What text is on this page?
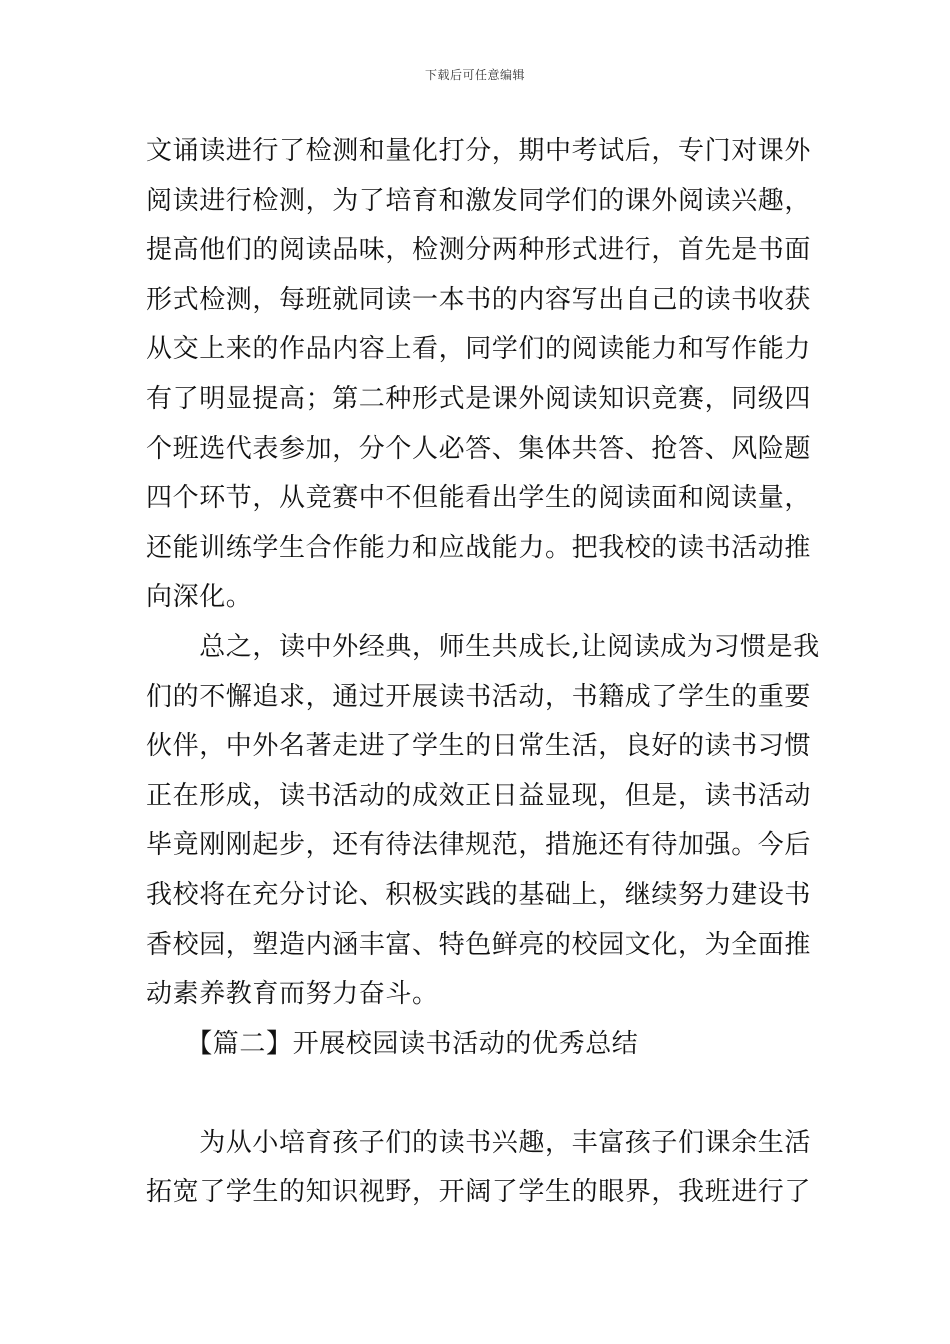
下载后可任意编辑
文诵读进行了检测和量化打分，期中考试后，专门对课外
阅读进行检测，为了培育和激发同学们的课外阅读兴趣，
提高他们的阅读品味，检测分两种形式进行，首先是书面
形式检测，每班就同读一本书的内容写出自己的读书收获
从交上来的作品内容上看，同学们的阅读能力和写作能力
有了明显提高；第二种形式是课外阅读知识竞赛，同级四
个班选代表参加，分个人必答、集体共答、抢答、风险题
四个环节，从竞赛中不但能看出学生的阅读面和阅读量，
还能训练学生合作能力和应战能力。把我校的读书活动推
向深化。
　　总之，读中外经典，师生共成长,让阅读成为习惯是我
们的不懈追求，通过开展读书活动，书籍成了学生的重要
伙伴，中外名著走进了学生的日常生活，良好的读书习惯
正在形成，读书活动的成效正日益显现，但是，读书活动
毕竟刚刚起步，还有待法律规范，措施还有待加强。今后
我校将在充分讨论、积极实践的基础上，继续努力建设书
香校园，塑造内涵丰富、特色鲜亮的校园文化，为全面推
动素养教育而努力奋斗。
　　【篇二】开展校园读书活动的优秀总结
　　为从小培育孩子们的读书兴趣，丰富孩子们课余生活
拓宽了学生的知识视野，开阔了学生的眼界，我班进行了
